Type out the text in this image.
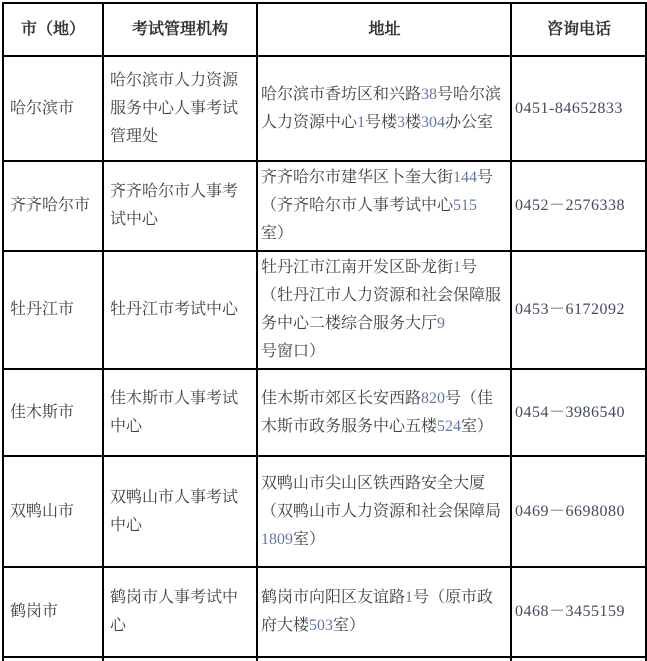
市（地）	考试管理机构	地址	咨询电话
哈尔滨市	哈尔滨市人力资源服务中心人事考试管理处	哈尔滨市香坊区和兴路38号哈尔滨人力资源中心1号楼3楼304办公室	0451-84652833
齐齐哈尔市	齐齐哈尔市人事考试中心	齐齐哈尔市建华区卜奎大街144号（齐齐哈尔市人事考试中心515室）	0452－2576338
牡丹江市	牡丹江市考试中心	牡丹江市江南开发区卧龙街1号（牡丹江市人力资源和社会保障服务中心二楼综合服务大厅9号窗口）	0453－6172092
佳木斯市	佳木斯市人事考试中心	佳木斯市郊区长安西路820号（佳木斯市政务服务中心五楼524室）	0454－3986540
双鸭山市	双鸭山市人事考试中心	双鸭山市尖山区铁西路安全大厦（双鸭山市人力资源和社会保障局1809室）	0469－6698080
鹤岗市	鹤岗市人事考试中心	鹤岗市向阳区友谊路1号（原市政府大楼503室）	0468－3455159
